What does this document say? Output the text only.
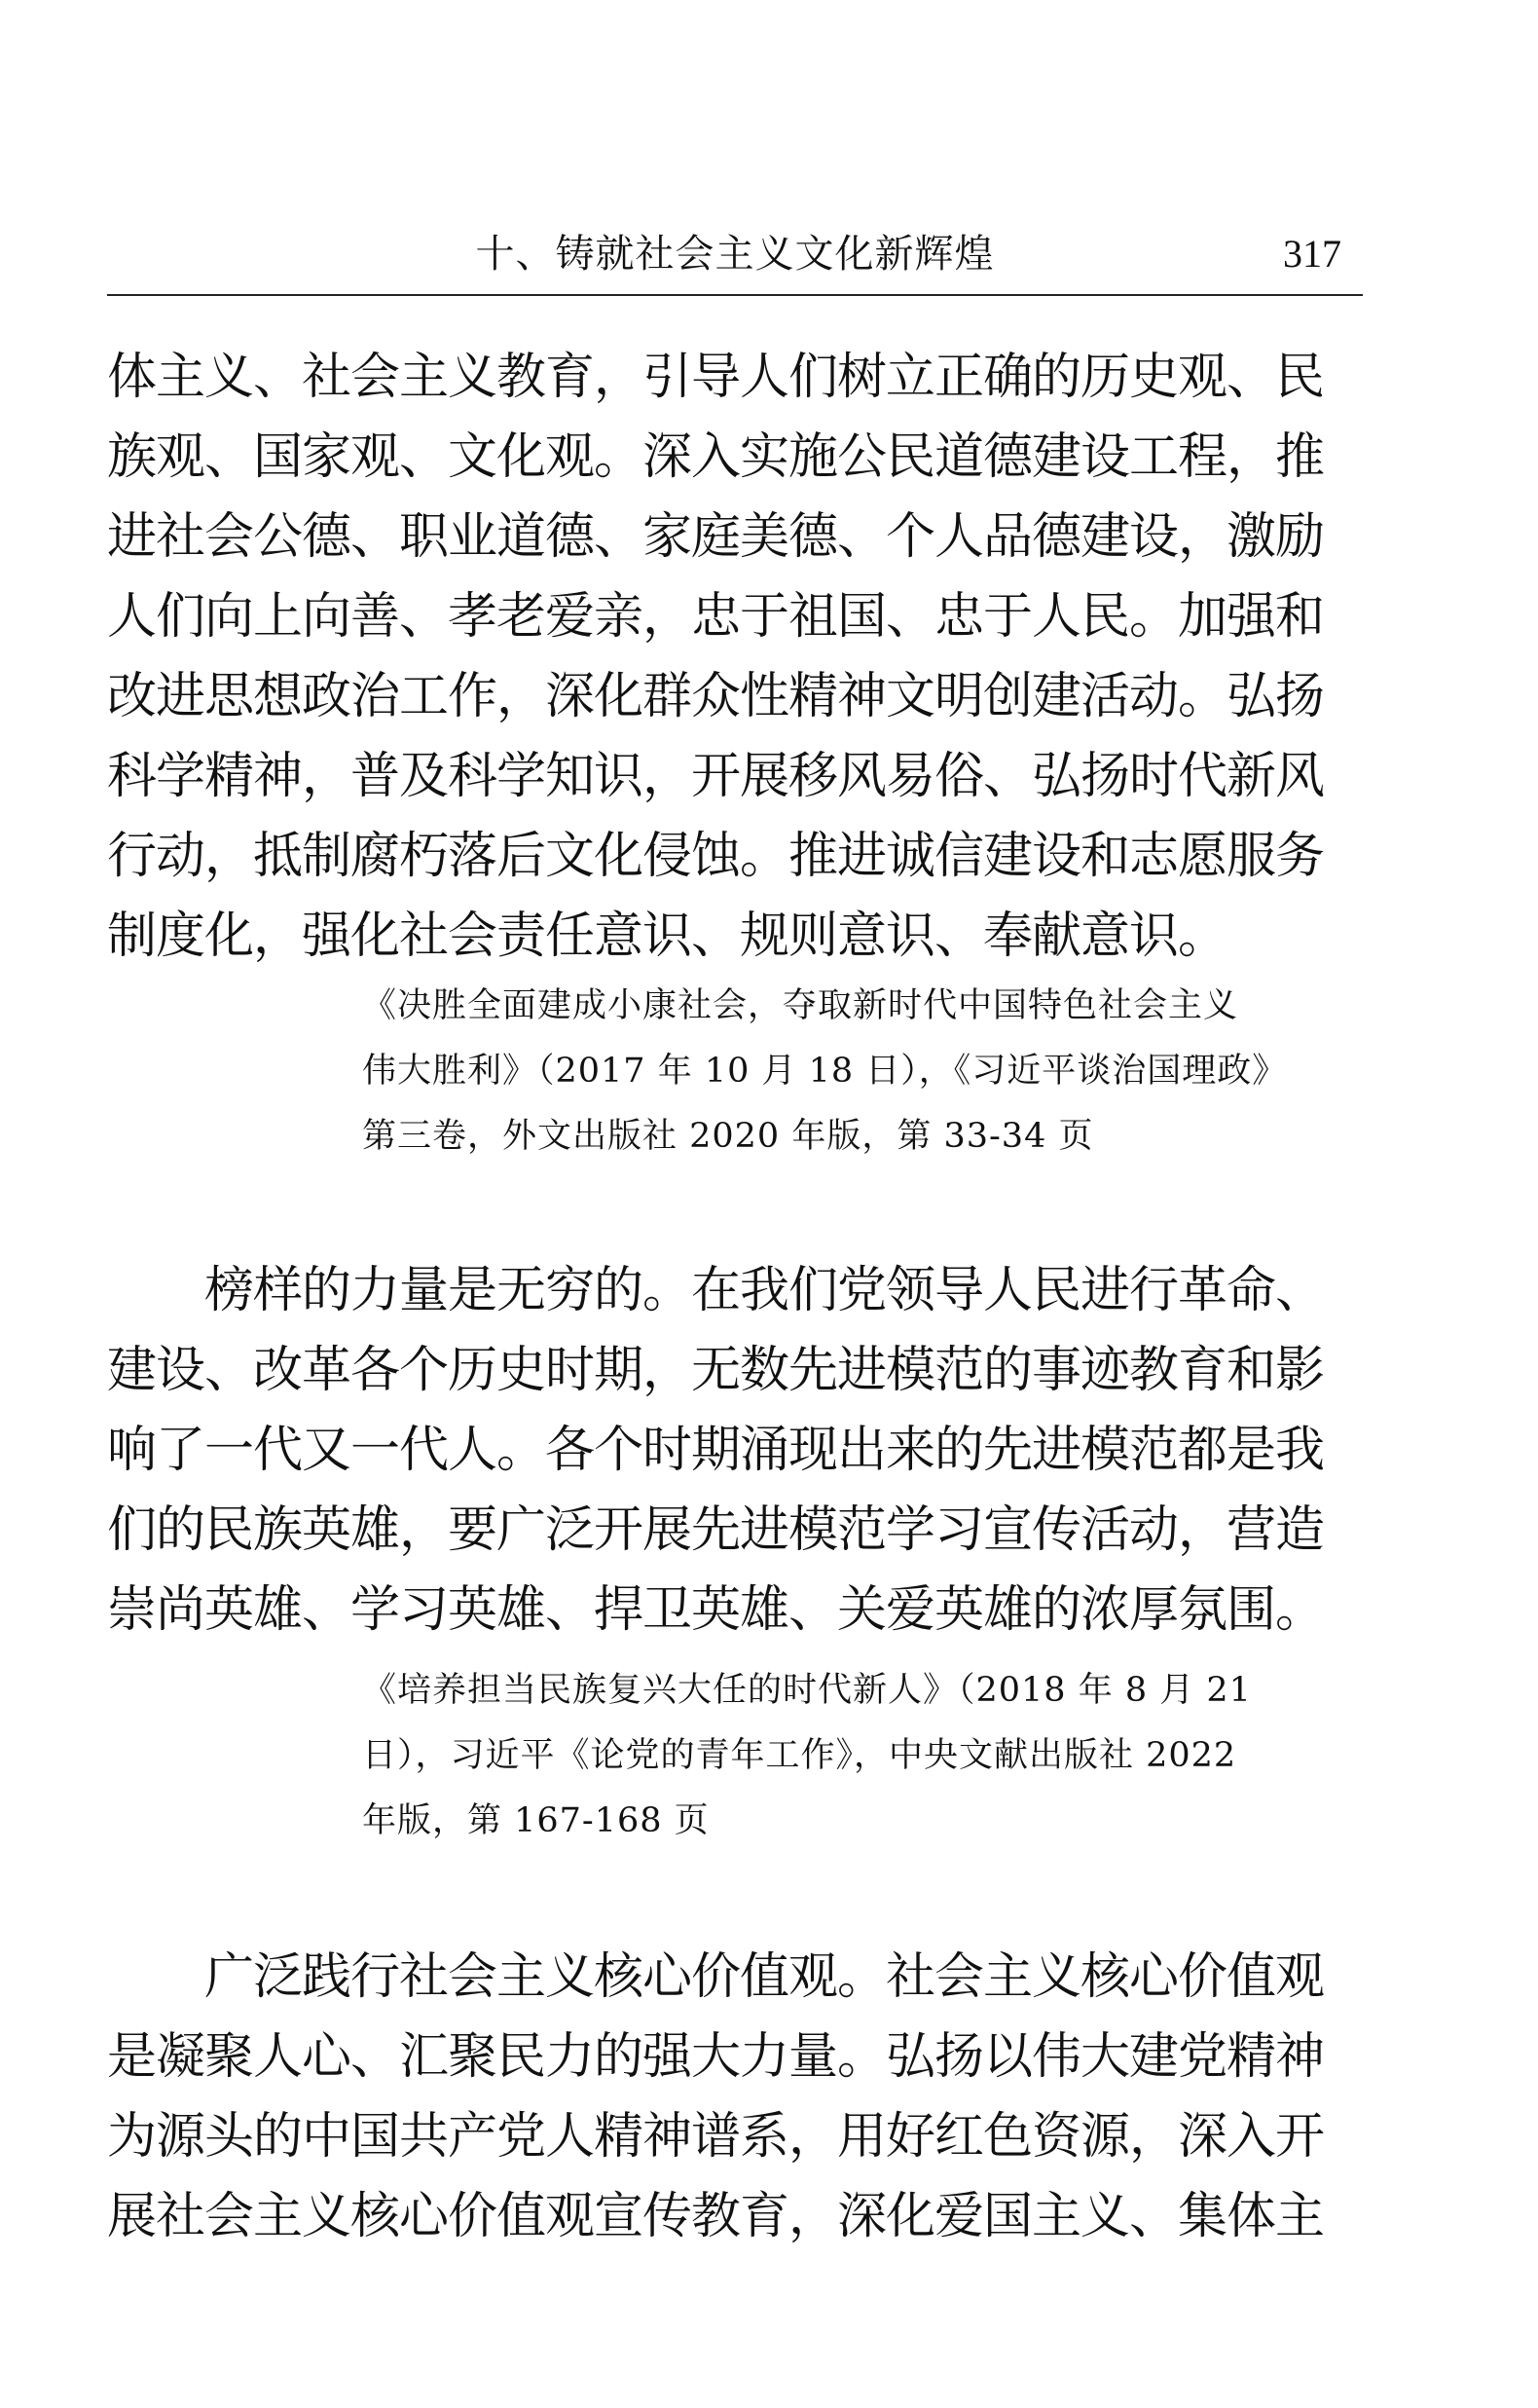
十、铸就社会主义文化新辉煌	317

体主义、社会主义教育，引导人们树立正确的历史观、民

族观、国家观、文化观。深入实施公民道德建设工程，推

进社会公德、职业道德、家庭美德、个人品德建设，激励

人们向上向善、孝老爱亲，忠于祖国、忠于人民。加强和

改进思想政治工作，深化群众性精神文明创建活动。弘扬

科学精神，普及科学知识，开展移风易俗、弘扬时代新风

行动，抵制腐朽落后文化侵蚀。推进诚信建设和志愿服务

制度化，强化社会责任意识、规则意识、奉献意识。

《决胜全面建成小康社会，夺取新时代中国特色社会主义

伟大胜利》（2017 年 10 月 18 日），《习近平谈治国理政》

第三卷，外文出版社 2020 年版，第 33-34 页

　　榜样的力量是无穷的。在我们党领导人民进行革命、

建设、改革各个历史时期，无数先进模范的事迹教育和影

响了一代又一代人。各个时期涌现出来的先进模范都是我

们的民族英雄，要广泛开展先进模范学习宣传活动，营造

崇尚英雄、学习英雄、捍卫英雄、关爱英雄的浓厚氛围。

《培养担当民族复兴大任的时代新人》（2018 年 8 月 21

日），习近平《论党的青年工作》，中央文献出版社 2022

年版，第 167-168 页

　　广泛践行社会主义核心价值观。社会主义核心价值观

是凝聚人心、汇聚民力的强大力量。弘扬以伟大建党精神

为源头的中国共产党人精神谱系，用好红色资源，深入开

展社会主义核心价值观宣传教育，深化爱国主义、集体主
